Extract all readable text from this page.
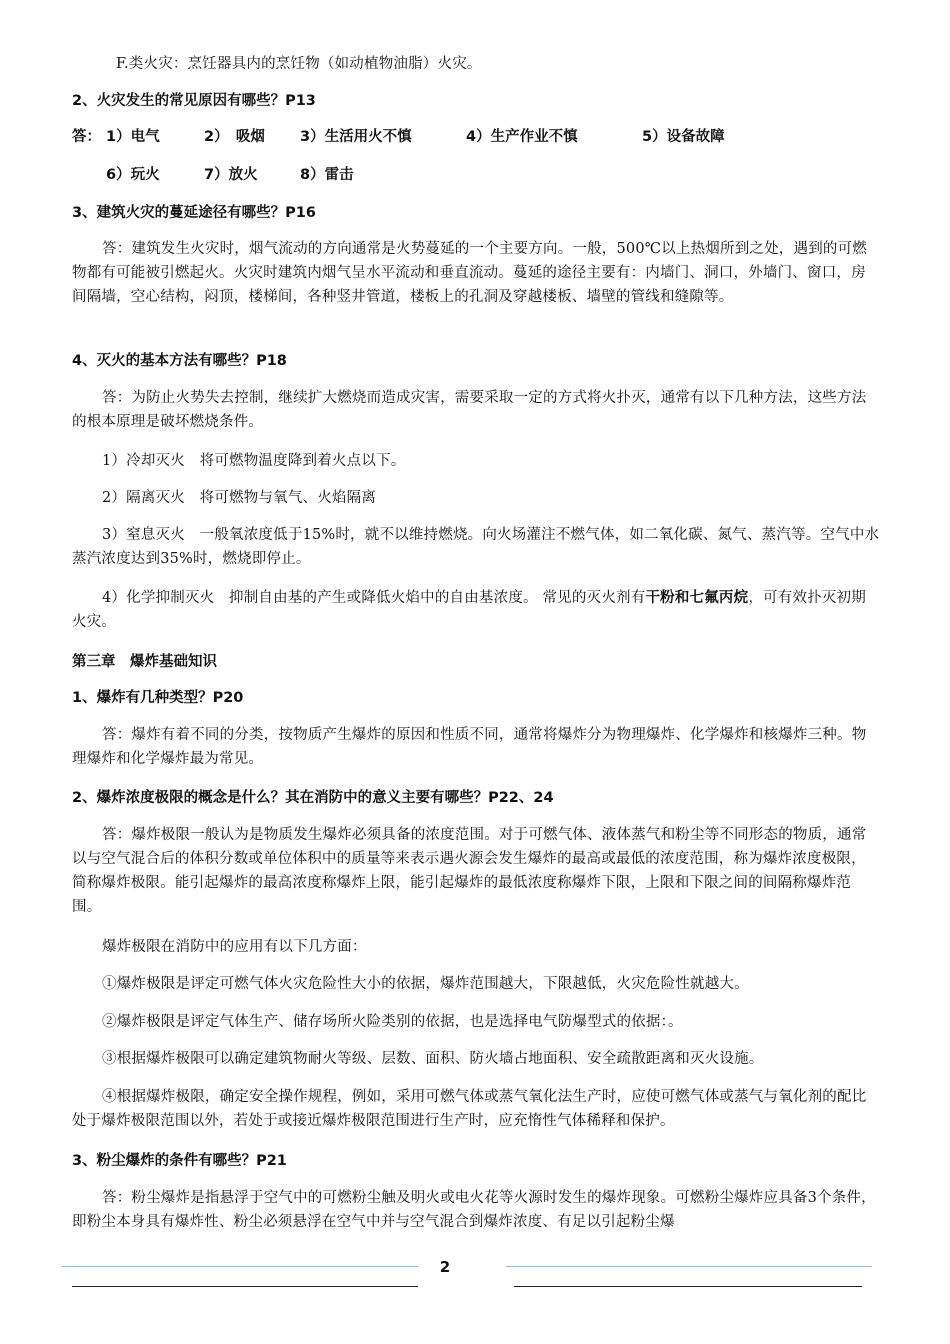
F.类火灾：烹饪器具内的烹饪物（如动植物油脂）火灾。
2、火灾发生的常见原因有哪些？P13
答： 1）电气	2）　吸烟 3）生活用火不慎	4）生产作业不慎	5）设备故障
6）玩火	7）放火	8）雷击
3、建筑火灾的蔓延途径有哪些？P16
答：建筑发生火灾时，烟气流动的方向通常是火势蔓延的一个主要方向。一般，500℃以上热烟所到之处，遇到的可燃物都有可能被引燃起火。火灾时建筑内烟气呈水平流动和垂直流动。蔓延的途径主要有：内墙门、洞口，外墙门、窗口，房间隔墙，空心结构，闷顶，楼梯间，各种竖井管道，楼板上的孔洞及穿越楼板、墙壁的管线和缝隙等。
4、灭火的基本方法有哪些？P18
答：为防止火势失去控制，继续扩大燃烧而造成灾害，需要采取一定的方式将火扑灭，通常有以下几种方法，这些方法的根本原理是破坏燃烧条件。
1）冷却灭火　将可燃物温度降到着火点以下。
2）隔离灭火　将可燃物与氧气、火焰隔离
3）窒息灭火　一般氧浓度低于15%时，就不以维持燃烧。向火场灌注不燃气体，如二氧化碳、氮气、蒸汽等。空气中水蒸汽浓度达到35%时，燃烧即停止。
4）化学抑制灭火　抑制自由基的产生或降低火焰中的自由基浓度。 常见的灭火剂有干粉和七氟丙烷，可有效扑灭初期火灾。
第三章　爆炸基础知识
1、爆炸有几种类型？P20
答：爆炸有着不同的分类，按物质产生爆炸的原因和性质不同，通常将爆炸分为物理爆炸、化学爆炸和核爆炸三种。物理爆炸和化学爆炸最为常见。
2、爆炸浓度极限的概念是什么？其在消防中的意义主要有哪些？P22、24
答：爆炸极限一般认为是物质发生爆炸必须具备的浓度范围。对于可燃气体、液体蒸气和粉尘等不同形态的物质，通常以与空气混合后的体积分数或单位体积中的质量等来表示遇火源会发生爆炸的最高或最低的浓度范围，称为爆炸浓度极限，简称爆炸极限。能引起爆炸的最高浓度称爆炸上限，能引起爆炸的最低浓度称爆炸下限，上限和下限之间的间隔称爆炸范围。
爆炸极限在消防中的应用有以下几方面：
①爆炸极限是评定可燃气体火灾危险性大小的依据，爆炸范围越大，下限越低，火灾危险性就越大。
②爆炸极限是评定气体生产、储存场所火险类别的依据，也是选择电气防爆型式的依据：。
③根据爆炸极限可以确定建筑物耐火等级、层数、面积、防火墙占地面积、安全疏散距离和灭火设施。
④根据爆炸极限，确定安全操作规程，例如，采用可燃气体或蒸气氧化法生产时，应使可燃气体或蒸气与氧化剂的配比处于爆炸极限范围以外，若处于或接近爆炸极限范围进行生产时，应充惰性气体稀释和保护。
3、粉尘爆炸的条件有哪些？P21
答：粉尘爆炸是指悬浮于空气中的可燃粉尘触及明火或电火花等火源时发生的爆炸现象。可燃粉尘爆炸应具备3个条件，即粉尘本身具有爆炸性、粉尘必须悬浮在空气中并与空气混合到爆炸浓度、有足以引起粉尘爆
2
